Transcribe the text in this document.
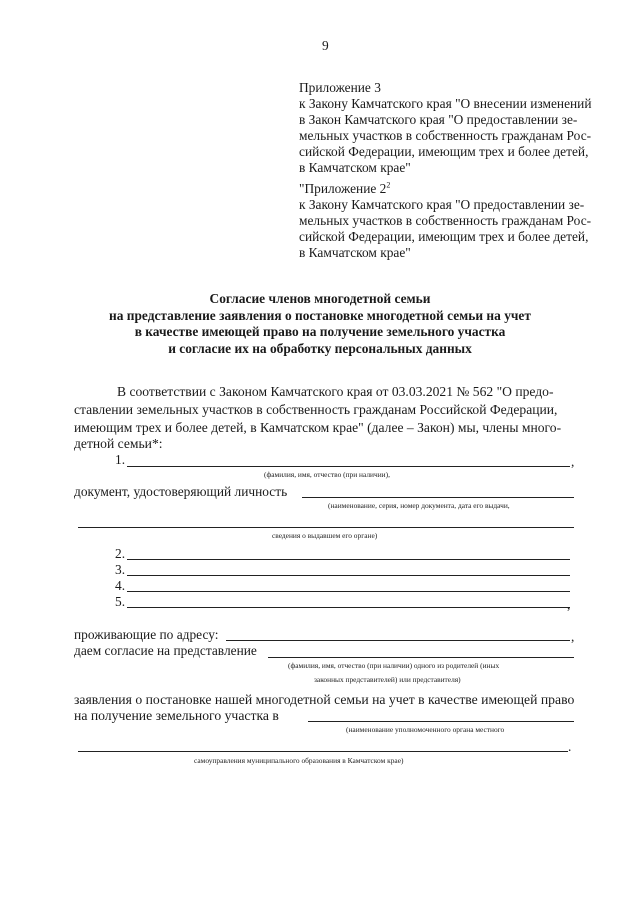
9
Приложение 3
к Закону Камчатского края "О внесении изменений
в Закон Камчатского края "О предоставлении зе-
мельных участков в собственность гражданам Рос-
сийской Федерации, имеющим трех и более детей,
в Камчатском крае"
"Приложение $2^2$
к Закону Камчатского края "О предоставлении зе-
мельных участков в собственность гражданам Рос-
сийской Федерации, имеющим трех и более детей,
в Камчатском крае"
Согласие членов многодетной семьи
на представление заявления о постановке многодетной семьи на учет
в качестве имеющей право на получение земельного участка
и согласие их на обработку персональных данных
В соответствии с Законом Камчатского края от 03.03.2021 № 562 "О предо-
ставлении земельных участков в собственность гражданам Российской Федерации,
имеющим трех и более детей, в Камчатском крае" (далее – Закон) мы, члены много-
детной семьи*:
1.	,
(фамилия, имя, отчество (при наличии),
документ, удостоверяющий личность
(наименование, серия, номер документа, дата его выдачи,
сведения о выдавшем его органе)
2.
3.
4.
5.	,
проживающие по адресу:	,
даем согласие на представление
(фамилия, имя, отчество (при наличии) одного из родителей (иных
законных представителей) или представителя)
заявления о постановке нашей многодетной семьи на учет в качестве имеющей право
на получение земельного участка в
(наименование уполномоченного органа местного
.
самоуправления муниципального образования в Камчатском крае)
